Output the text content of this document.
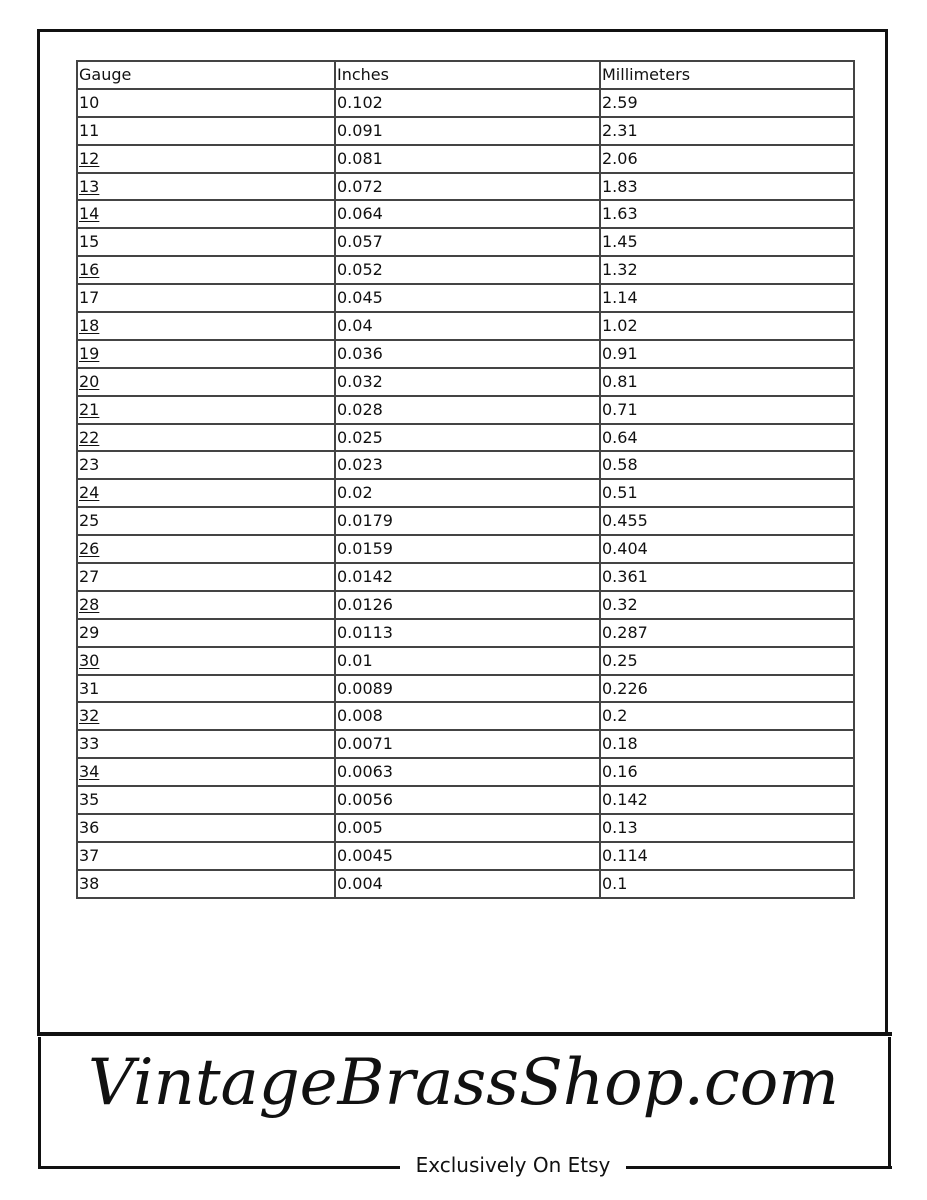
Gauge	Inches	Millimeters
10	0.102	2.59
11	0.091	2.31
12	0.081	2.06
13	0.072	1.83
14	0.064	1.63
15	0.057	1.45
16	0.052	1.32
17	0.045	1.14
18	0.04	1.02
19	0.036	0.91
20	0.032	0.81
21	0.028	0.71
22	0.025	0.64
23	0.023	0.58
24	0.02	0.51
25	0.0179	0.455
26	0.0159	0.404
27	0.0142	0.361
28	0.0126	0.32
29	0.0113	0.287
30	0.01	0.25
31	0.0089	0.226
32	0.008	0.2
33	0.0071	0.18
34	0.0063	0.16
35	0.0056	0.142
36	0.005	0.13
37	0.0045	0.114
38	0.004	0.1
VintageBrassShop.com
Exclusively On Etsy
